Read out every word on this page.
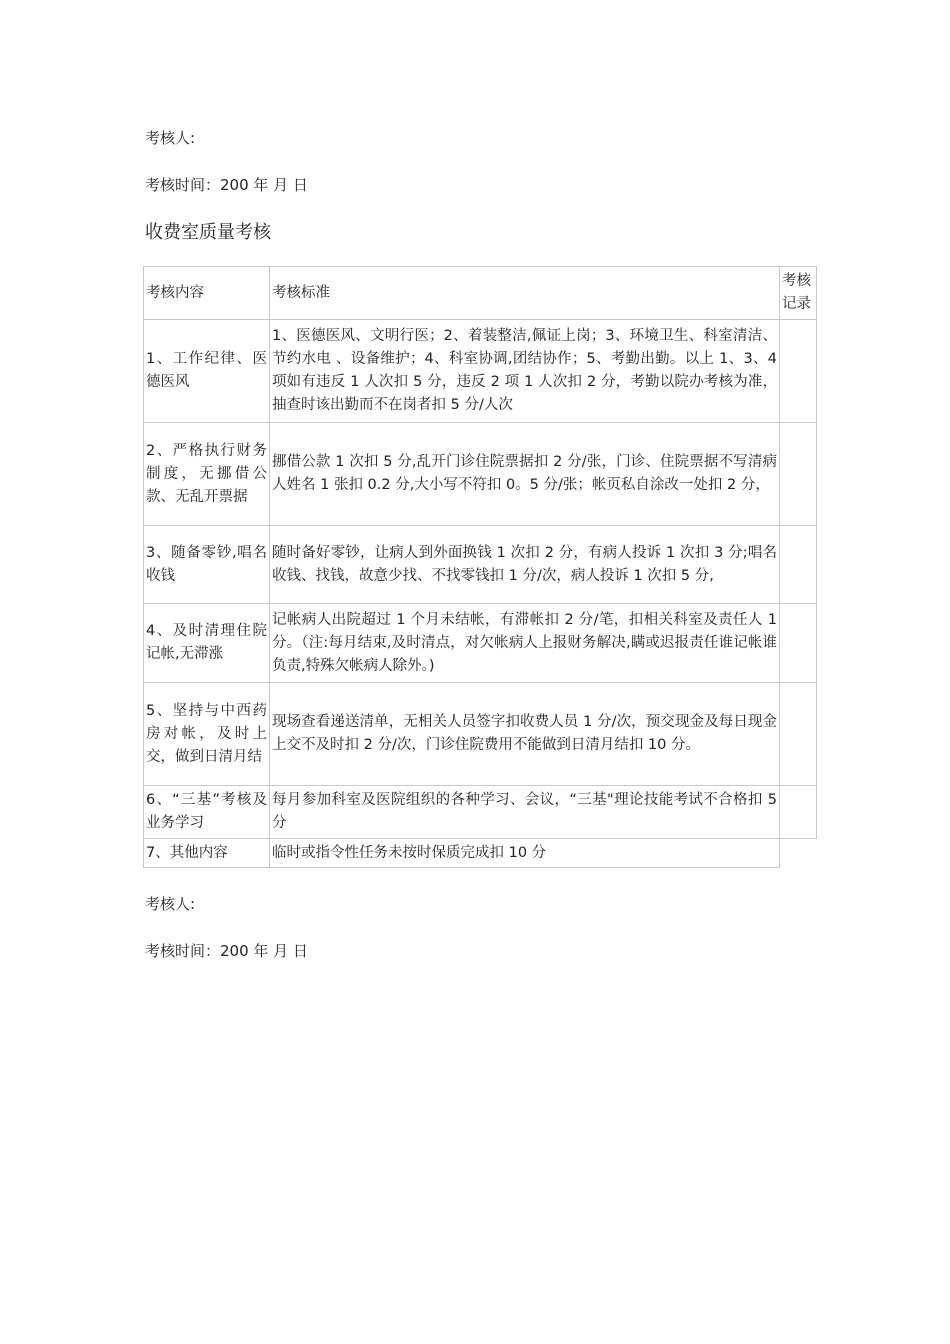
考核人:
考核时间：200 年 月 日
收费室质量考核
考核内容	考核标准	考核记录
1、工作纪律、医德医风	1、医德医风、文明行医；2、着装整洁,佩证上岗；3、环境卫生、科室清洁、节约水电 、设备维护；4、科室协调,团结协作；5、考勤出勤。以上 1、3、4 项如有违反 1 人次扣 5 分，违反 2 项 1 人次扣 2 分，考勤以院办考核为准，抽查时该出勤而不在岗者扣 5 分/人次	
2、严格执行财务制度，无挪借公款、无乱开票据	挪借公款 1 次扣 5 分,乱开门诊住院票据扣 2 分/张，门诊、住院票据不写清病人姓名 1 张扣 0.2 分,大小写不符扣 0。5 分/张；帐页私自涂改一处扣 2 分，	
3、随备零钞,唱名收钱	随时备好零钞，让病人到外面换钱 1 次扣 2 分，有病人投诉 1 次扣 3 分;唱名收钱、找钱，故意少找、不找零钱扣 1 分/次，病人投诉 1 次扣 5 分,	
4、及时清理住院记帐,无滞涨	记帐病人出院超过 1 个月未结帐，有滞帐扣 2 分/笔，扣相关科室及责任人 1 分。（注:每月结束,及时清点，对欠帐病人上报财务解决,瞒或迟报责任谁记帐谁负责,特殊欠帐病人除外。)	
5、坚持与中西药房对帐，及时上交，做到日清月结	现场查看递送清单，无相关人员签字扣收费人员 1 分/次，预交现金及每日现金上交不及时扣 2 分/次，门诊住院费用不能做到日清月结扣 10 分。	
6、“三基”考核及业务学习	每月参加科室及医院组织的各种学习、会议，“三基"理论技能考试不合格扣 5 分	
7、其他内容	临时或指令性任务未按时保质完成扣 10 分	
考核人:
考核时间：200 年 月 日
